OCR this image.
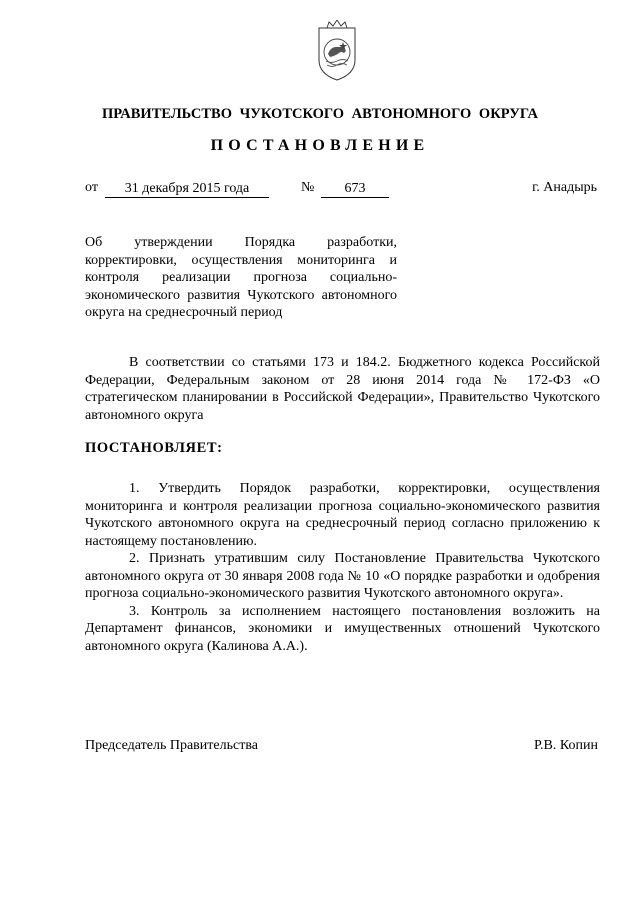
ПРАВИТЕЛЬСТВО ЧУКОТСКОГО АВТОНОМНОГО ОКРУГА
ПОСТАНОВЛЕНИЕ
от	31 декабря 2015 года	№	673	г. Анадырь
Об утверждении Порядка разработки, корректировки, осуществления мониторинга и контроля реализации прогноза социально-экономического развития Чукотского автономного округа на среднесрочный период

В соответствии со статьями 173 и 184.2. Бюджетного кодекса Российской Федерации, Федеральным законом от 28 июня 2014 года № 172-ФЗ «О стратегическом планировании в Российской Федерации», Правительство Чукотского автономного округа

ПОСТАНОВЛЯЕТ:

1. Утвердить Порядок разработки, корректировки, осуществления мониторинга и контроля реализации прогноза социально-экономического развития Чукотского автономного округа на среднесрочный период согласно приложению к настоящему постановлению.

2. Признать утратившим силу Постановление Правительства Чукотского автономного округа от 30 января 2008 года № 10 «О порядке разработки и одобрения прогноза социально-экономического развития Чукотского автономного округа».

3. Контроль за исполнением настоящего постановления возложить на Департамент финансов, экономики и имущественных отношений Чукотского автономного округа (Калинова А.А.).

Председатель Правительства	Р.В. Копин
